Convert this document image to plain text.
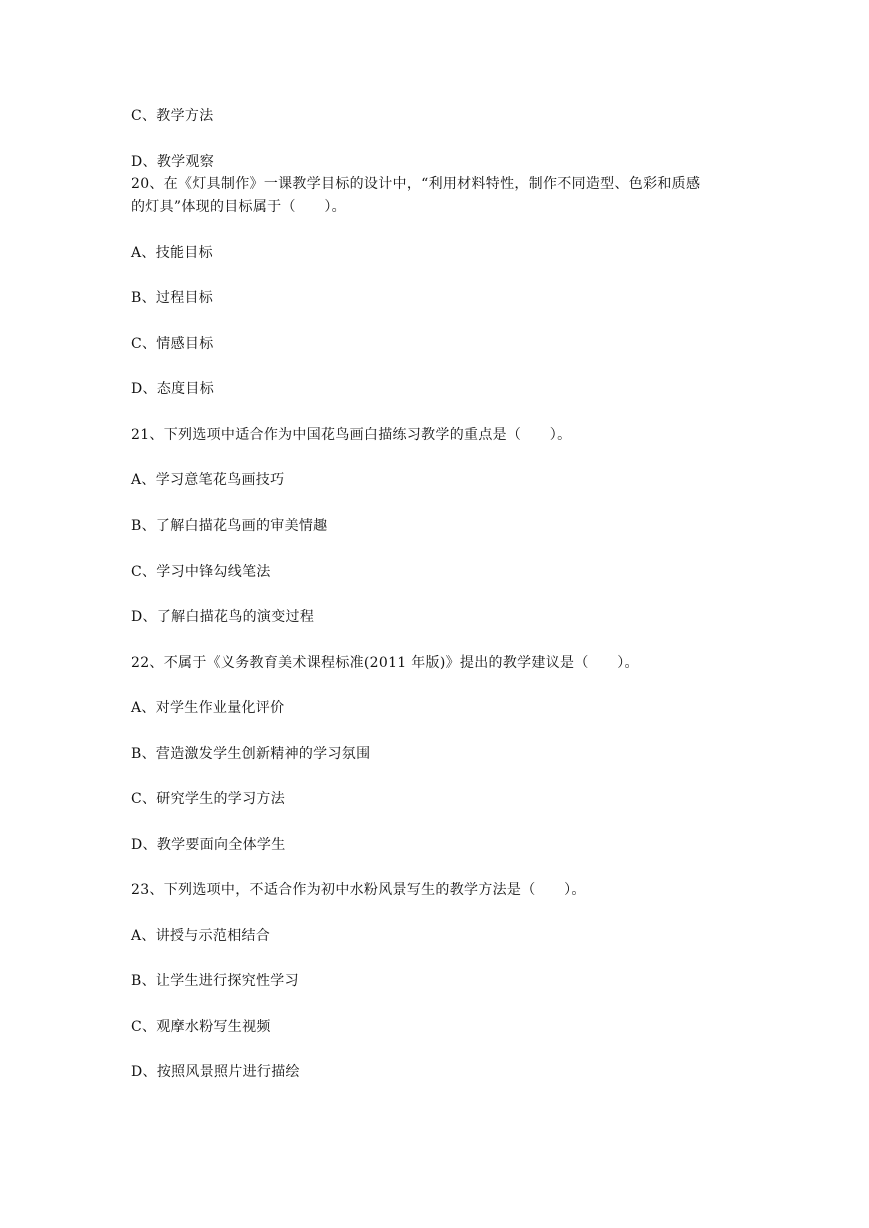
C、教学方法
D、教学观察
20、在《灯具制作》一课教学目标的设计中，“利用材料特性，制作不同造型、色彩和质感
的灯具”体现的目标属于（　　）。
A、技能目标
B、过程目标
C、情感目标
D、态度目标
21、下列选项中适合作为中国花鸟画白描练习教学的重点是（　　）。
A、学习意笔花鸟画技巧
B、了解白描花鸟画的审美情趣
C、学习中锋勾线笔法
D、了解白描花鸟的演变过程
22、不属于《义务教育美术课程标准(2011 年版)》提出的教学建议是（　　）。
A、对学生作业量化评价
B、营造激发学生创新精神的学习氛围
C、研究学生的学习方法
D、教学要面向全体学生
23、下列选项中，不适合作为初中水粉风景写生的教学方法是（　　）。
A、讲授与示范相结合
B、让学生进行探究性学习
C、观摩水粉写生视频
D、按照风景照片进行描绘
